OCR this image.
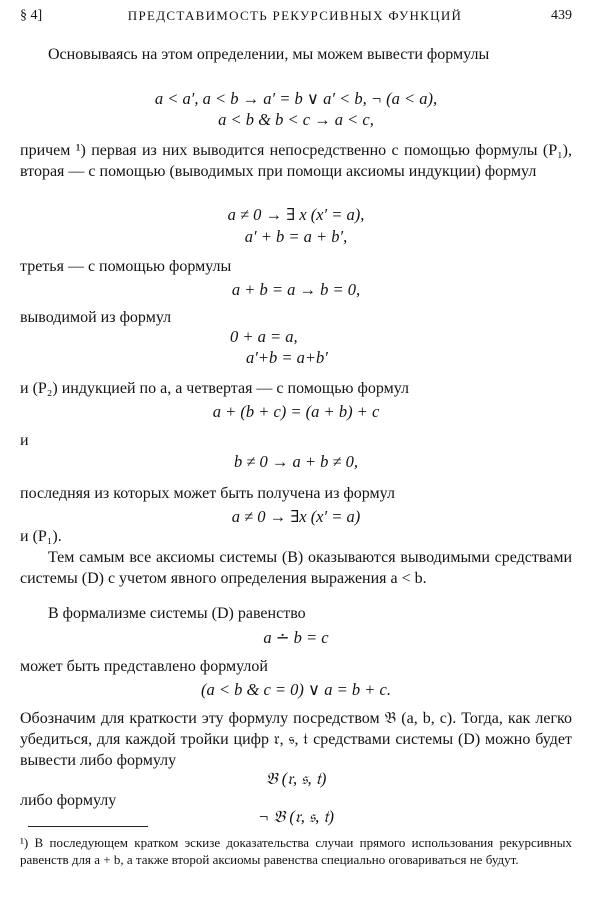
§ 4]	ПРЕДСТАВИМОСТЬ РЕКУРСИВНЫХ ФУНКЦИЙ	439

Основываясь на этом определении, мы можем вывести формулы

a < a′, a < b → a′ = b ∨ a′ < b, ¬ (a < a),

a < b & b < c → a < c,

причем ¹) первая из них выводится непосредственно с помощью формулы (P₁), вторая — с помощью (выводимых при помощи аксиомы индукции) формул

a ≠ 0 → ∃ x (x′ = a),

a′ + b = a + b′,

третья — с помощью формулы

a + b = a → b = 0,

выводимой из формул

0 + a = a,

a′+b = a+b′

и (P₂) индукцией по a, а четвертая — с помощью формул

a + (b + c) = (a + b) + c

и

b ≠ 0 → a + b ≠ 0,

последняя из которых может быть получена из формул

a ≠ 0 → ∃x (x′ = a)

и (P₁).

Тем самым все аксиомы системы (B) оказываются выводимыми средствами системы (D) с учетом явного определения выражения a < b.

В формализме системы (D) равенство

a ∸ b = c

может быть представлено формулой

(a < b & c = 0) ∨ a = b + c.

Обозначим для краткости эту формулу посредством 𝔅 (a, b, c). Тогда, как легко убедиться, для каждой тройки цифр 𝔯, 𝔰, 𝔱 средствами системы (D) можно будет вывести либо формулу

𝔅 (𝔯, 𝔰, 𝔱)

либо формулу

¬ 𝔅 (𝔯, 𝔰, 𝔱)

¹) В последующем кратком эскизе доказательства случаи прямого использования рекурсивных равенств для a + b, а также второй аксиомы равенства специально оговариваться не будут.
